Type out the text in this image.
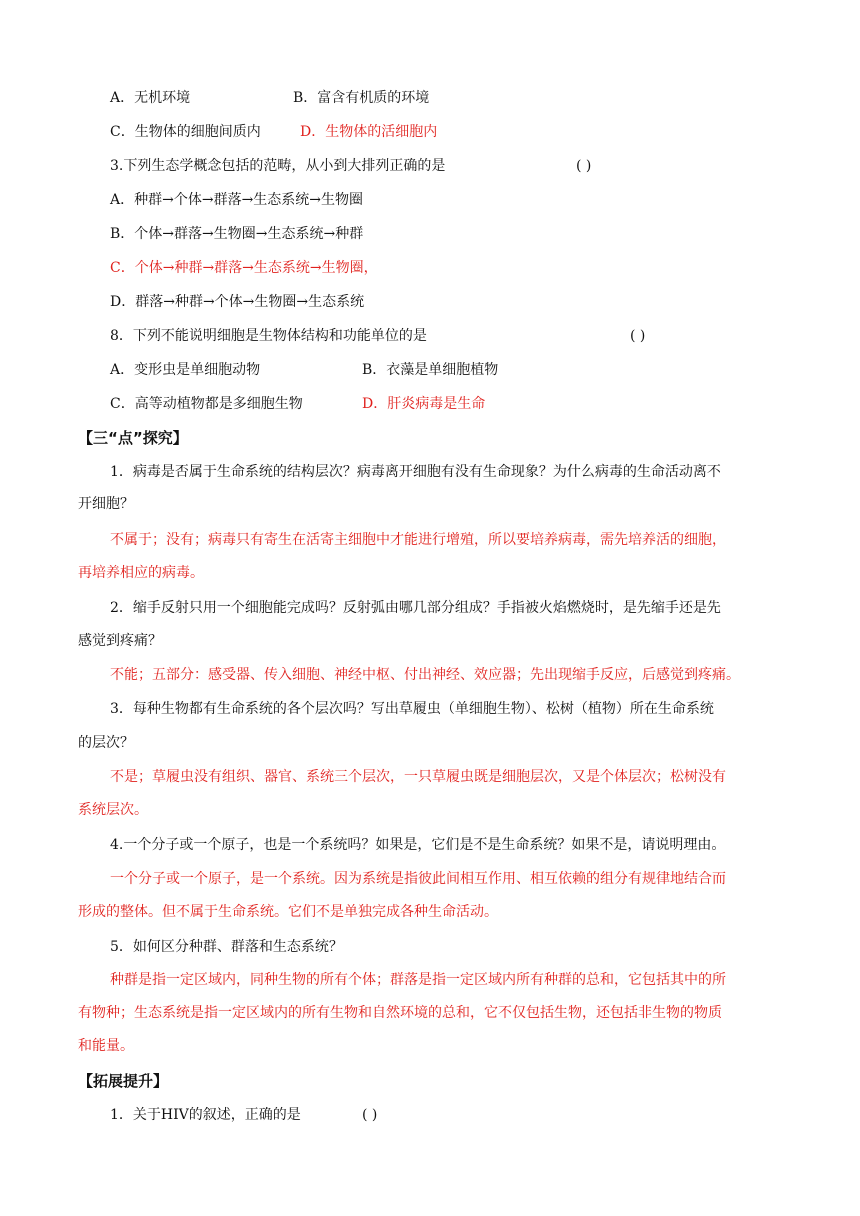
A．无机环境	B．富含有机质的环境
C．生物体的细胞间质内	D．生物体的活细胞内
3.下列生态学概念包括的范畴，从小到大排列正确的是	( )
A．种群→个体→群落→生态系统→生物圈
B．个体→群落→生物圈→生态系统→种群
C．个体→种群→群落→生态系统→生物圈，
D．群落→种群→个体→生物圈→生态系统
8．下列不能说明细胞是生物体结构和功能单位的是	( )
A．变形虫是单细胞动物	B．衣藻是单细胞植物
C．高等动植物都是多细胞生物	D．肝炎病毒是生命
【三“点”探究】
1．病毒是否属于生命系统的结构层次？病毒离开细胞有没有生命现象？为什么病毒的生命活动离不
开细胞？
不属于；没有；病毒只有寄生在活寄主细胞中才能进行增殖，所以要培养病毒，需先培养活的细胞，
再培养相应的病毒。
2．缩手反射只用一个细胞能完成吗？反射弧由哪几部分组成？手指被火焰燃烧时，是先缩手还是先
感觉到疼痛？
不能；五部分：感受器、传入细胞、神经中枢、付出神经、效应器；先出现缩手反应，后感觉到疼痛。
3．每种生物都有生命系统的各个层次吗？写出草履虫（单细胞生物）、松树（植物）所在生命系统
的层次？
不是；草履虫没有组织、器官、系统三个层次，一只草履虫既是细胞层次，又是个体层次；松树没有
系统层次。
4.一个分子或一个原子，也是一个系统吗？如果是，它们是不是生命系统？如果不是，请说明理由。
一个分子或一个原子，是一个系统。因为系统是指彼此间相互作用、相互依赖的组分有规律地结合而
形成的整体。但不属于生命系统。它们不是单独完成各种生命活动。
5．如何区分种群、群落和生态系统？
种群是指一定区域内，同种生物的所有个体；群落是指一定区域内所有种群的总和，它包括其中的所
有物种；生态系统是指一定区域内的所有生物和自然环境的总和，它不仅包括生物，还包括非生物的物质
和能量。
【拓展提升】
1．关于HIV的叙述，正确的是	( )
